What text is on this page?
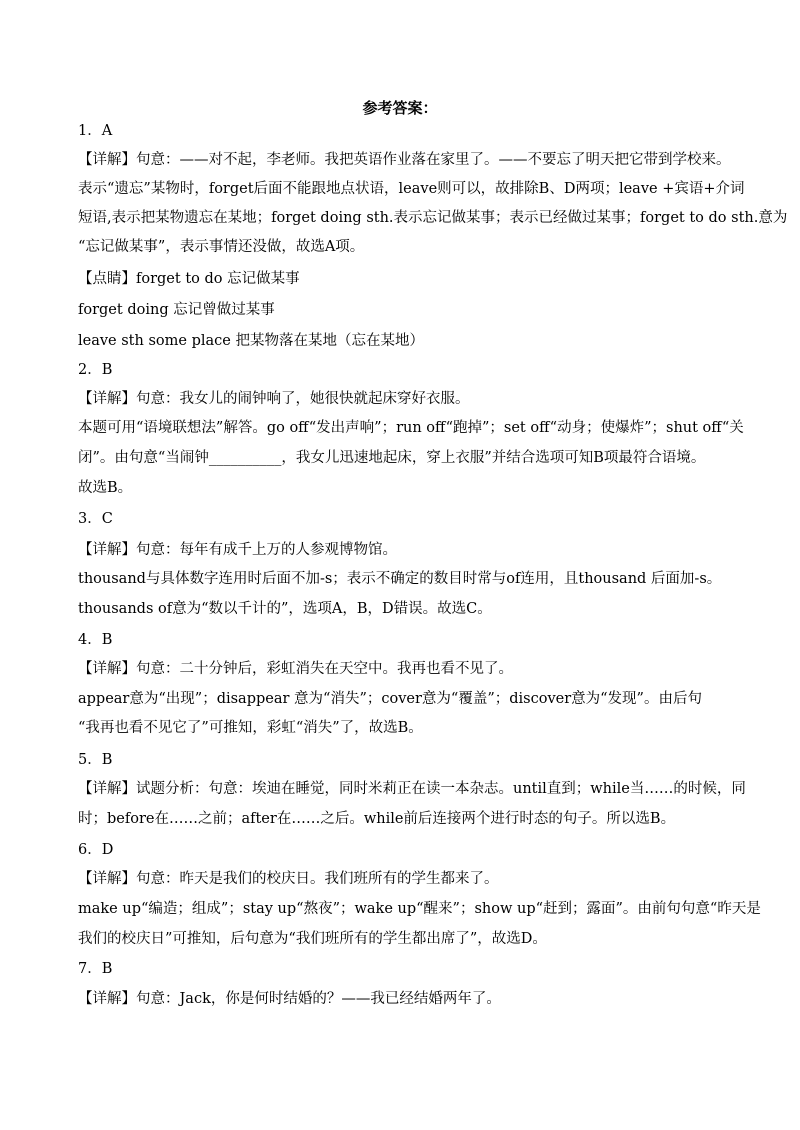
参考答案：
1．A
【详解】句意：——对不起，李老师。我把英语作业落在家里了。——不要忘了明天把它带到学校来。
表示“遗忘”某物时，forget后面不能跟地点状语，leave则可以，故排除B、D两项；leave +宾语+介词
短语,表示把某物遗忘在某地；forget doing sth.表示忘记做某事；表示已经做过某事；forget to do sth.意为
“忘记做某事”，表示事情还没做，故选A项。
【点睛】forget to do 忘记做某事
forget doing 忘记曾做过某事
leave sth some place 把某物落在某地（忘在某地）
2．B
【详解】句意：我女儿的闹钟响了，她很快就起床穿好衣服。
本题可用“语境联想法”解答。go off“发出声响”；run off“跑掉”；set off“动身；使爆炸”；shut off“关
闭”。由句意“当闹钟__________，我女儿迅速地起床，穿上衣服”并结合选项可知B项最符合语境。
故选B。
3．C
【详解】句意：每年有成千上万的人参观博物馆。
thousand与具体数字连用时后面不加-s；表示不确定的数目时常与of连用，且thousand 后面加-s。
thousands of意为“数以千计的”，选项A，B，D错误。故选C。
4．B
【详解】句意：二十分钟后，彩虹消失在天空中。我再也看不见了。
appear意为“出现”；disappear 意为“消失”；cover意为“覆盖”；discover意为“发现”。由后句
“我再也看不见它了”可推知，彩虹“消失”了，故选B。
5．B
【详解】试题分析：句意：埃迪在睡觉，同时米莉正在读一本杂志。until直到；while当……的时候，同
时；before在……之前；after在……之后。while前后连接两个进行时态的句子。所以选B。
6．D
【详解】句意：昨天是我们的校庆日。我们班所有的学生都来了。
make up“编造；组成”；stay up“熬夜”；wake up“醒来”；show up“赶到；露面”。由前句句意“昨天是
我们的校庆日”可推知，后句意为“我们班所有的学生都出席了”，故选D。
7．B
【详解】句意：Jack，你是何时结婚的？——我已经结婚两年了。
